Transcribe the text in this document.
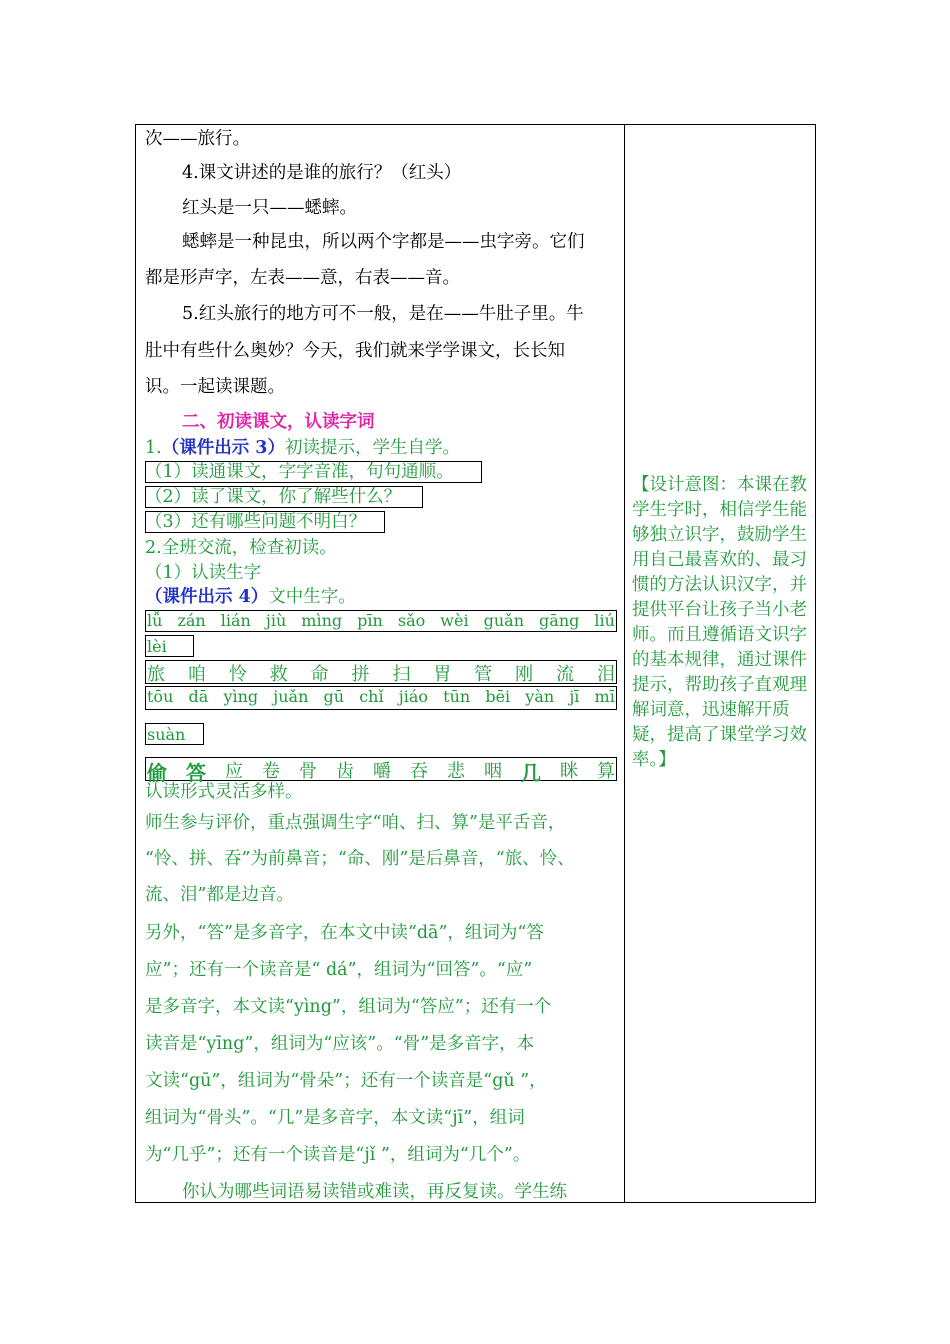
次——旅行。
4.课文讲述的是谁的旅行？（红头）
红头是一只——蟋蟀。
蟋蟀是一种昆虫，所以两个字都是——虫字旁。它们
都是形声字，左表——意，右表——音。
5.红头旅行的地方可不一般，是在——牛肚子里。牛
肚中有些什么奥妙？今天，我们就来学学课文，长长知
识。一起读课题。
二、初读课文，认读字词
1.（课件出示 3）初读提示，学生自学。
（1）读通课文，字字音准，句句通顺。
（2）读了课文，你了解些什么？
（3）还有哪些问题不明白？
2.全班交流，检查初读。
（1）认读生字
（课件出示 4）文中生字。
lǚ zán lián jiù mìng pīn sǎo wèi guǎn gāng liú
lèi
旅 咱 怜 救 命 拼 扫 胃 管 刚 流 泪
tōu dā yìng juǎn gū chǐ jiáo tūn bēi yàn jī mī
suàn
偷 答 应 卷 骨 齿 嚼 吞 悲 咽 几 眯 算
认读形式灵活多样。
师生参与评价，重点强调生字“咱、扫、算”是平舌音，
“怜、拼、吞”为前鼻音；“命、刚”是后鼻音，“旅、怜、
流、泪”都是边音。
另外，“答”是多音字，在本文中读“dā”，组词为“答
应”；还有一个读音是“ dá”，组词为“回答”。“应”
是多音字，本文读“yìng”，组词为“答应”；还有一个
读音是“yīng”，组词为“应该”。“骨”是多音字，本
文读“gū”，组词为“骨朵”；还有一个读音是“gǔ ”，
组词为“骨头”。“几”是多音字，本文读“jī”，组词
为“几乎”；还有一个读音是“jǐ ”，组词为“几个”。
你认为哪些词语易读错或难读，再反复读。学生练
【设计意图：本课在教学生字时，相信学生能够独立识字，鼓励学生用自己最喜欢的、最习惯的方法认识汉字，并提供平台让孩子当小老师。而且遵循语文识字的基本规律，通过课件提示，帮助孩子直观理解词意，迅速解开质疑，提高了课堂学习效率。】
